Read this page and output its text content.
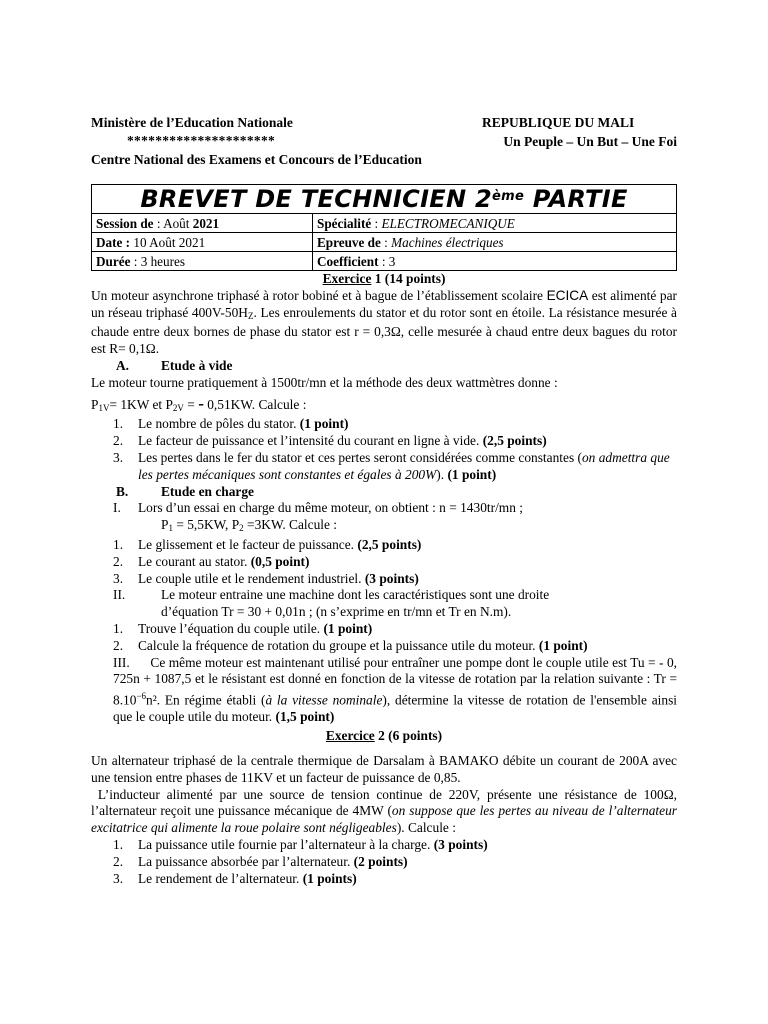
Ministère de l’Education Nationale	REPUBLIQUE DU MALI
*********************	Un Peuple – Un But – Une Foi
Centre National des Examens et Concours de l’Education
BREVET DE TECHNICIEN 2ème PARTIE	
Session de : Août 2021	Spécialité : ELECTROMECANIQUE
Date : 10 Août 2021	Epreuve de : Machines électriques
Durée : 3 heures	Coefficient : 3

Exercice 1 (14 points)

Un moteur asynchrone triphasé à rotor bobiné et à bague de l’établissement scolaire ECICA est alimenté par un réseau triphasé $400V-50H_Z$. Les enroulements du stator et du rotor sont en étoile. La résistance mesurée à chaude entre deux bornes de phase du stator est r = 0,3Ω, celle mesurée à chaud entre deux bagues du rotor est R= 0,1Ω.

A. Etude à vide

Le moteur tourne pratiquement à 1500tr/mn et la méthode des deux wattmètres donne :

$P_{1V}= 1KW$ et $P_{2V}$ = - 0,51KW. Calcule :

1. Le nombre de pôles du stator. (1 point)

2. Le facteur de puissance et l’intensité du courant en ligne à vide. (2,5 points)

3. Les pertes dans le fer du stator et ces pertes seront considérées comme constantes (on admettra que les pertes mécaniques sont constantes et égales à 200W). (1 point)

B. Etude en charge

I. Lors d’un essai en charge du même moteur, on obtient : n = 1430tr/mn ;

$P_1 = 5,5KW$, $P_2 =3KW$. Calcule :

1. Le glissement et le facteur de puissance. (2,5 points)

2. Le courant au stator. (0,5 point)

3. Le couple utile et le rendement industriel. (3 points)

II.	Le moteur entraine une machine dont les caractéristiques sont une droite

d’équation Tr = 30 + 0,01n ; (n s’exprime en tr/mn et Tr en N.m).

1. Trouve l’équation du couple utile. (1 point)

2. Calcule la fréquence de rotation du groupe et la puissance utile du moteur. (1 point)

III. Ce même moteur est maintenant utilisé pour entraîner une pompe dont le couple utile est Tu = - 0, 725n + 1087,5 et le résistant est donné en fonction de la vitesse de rotation par la relation suivante : $Tr = 8.10^{-6}n^2$. En régime établi (à la vitesse nominale), détermine la vitesse de rotation de l'ensemble ainsi que le couple utile du moteur. (1,5 point)

Exercice 2 (6 points)

Un alternateur triphasé de la centrale thermique de Darsalam à BAMAKO débite un courant de 200A avec une tension entre phases de 11KV et un facteur de puissance de 0,85.

L’inducteur alimenté par une source de tension continue de 220V, présente une résistance de 100Ω, l’alternateur reçoit une puissance mécanique de 4MW (on suppose que les pertes au niveau de l’alternateur excitatrice qui alimente la roue polaire sont négligeables). Calcule :

1. La puissance utile fournie par l’alternateur à la charge. (3 points)

2. La puissance absorbée par l’alternateur. (2 points)

3. Le rendement de l’alternateur. (1 points)
